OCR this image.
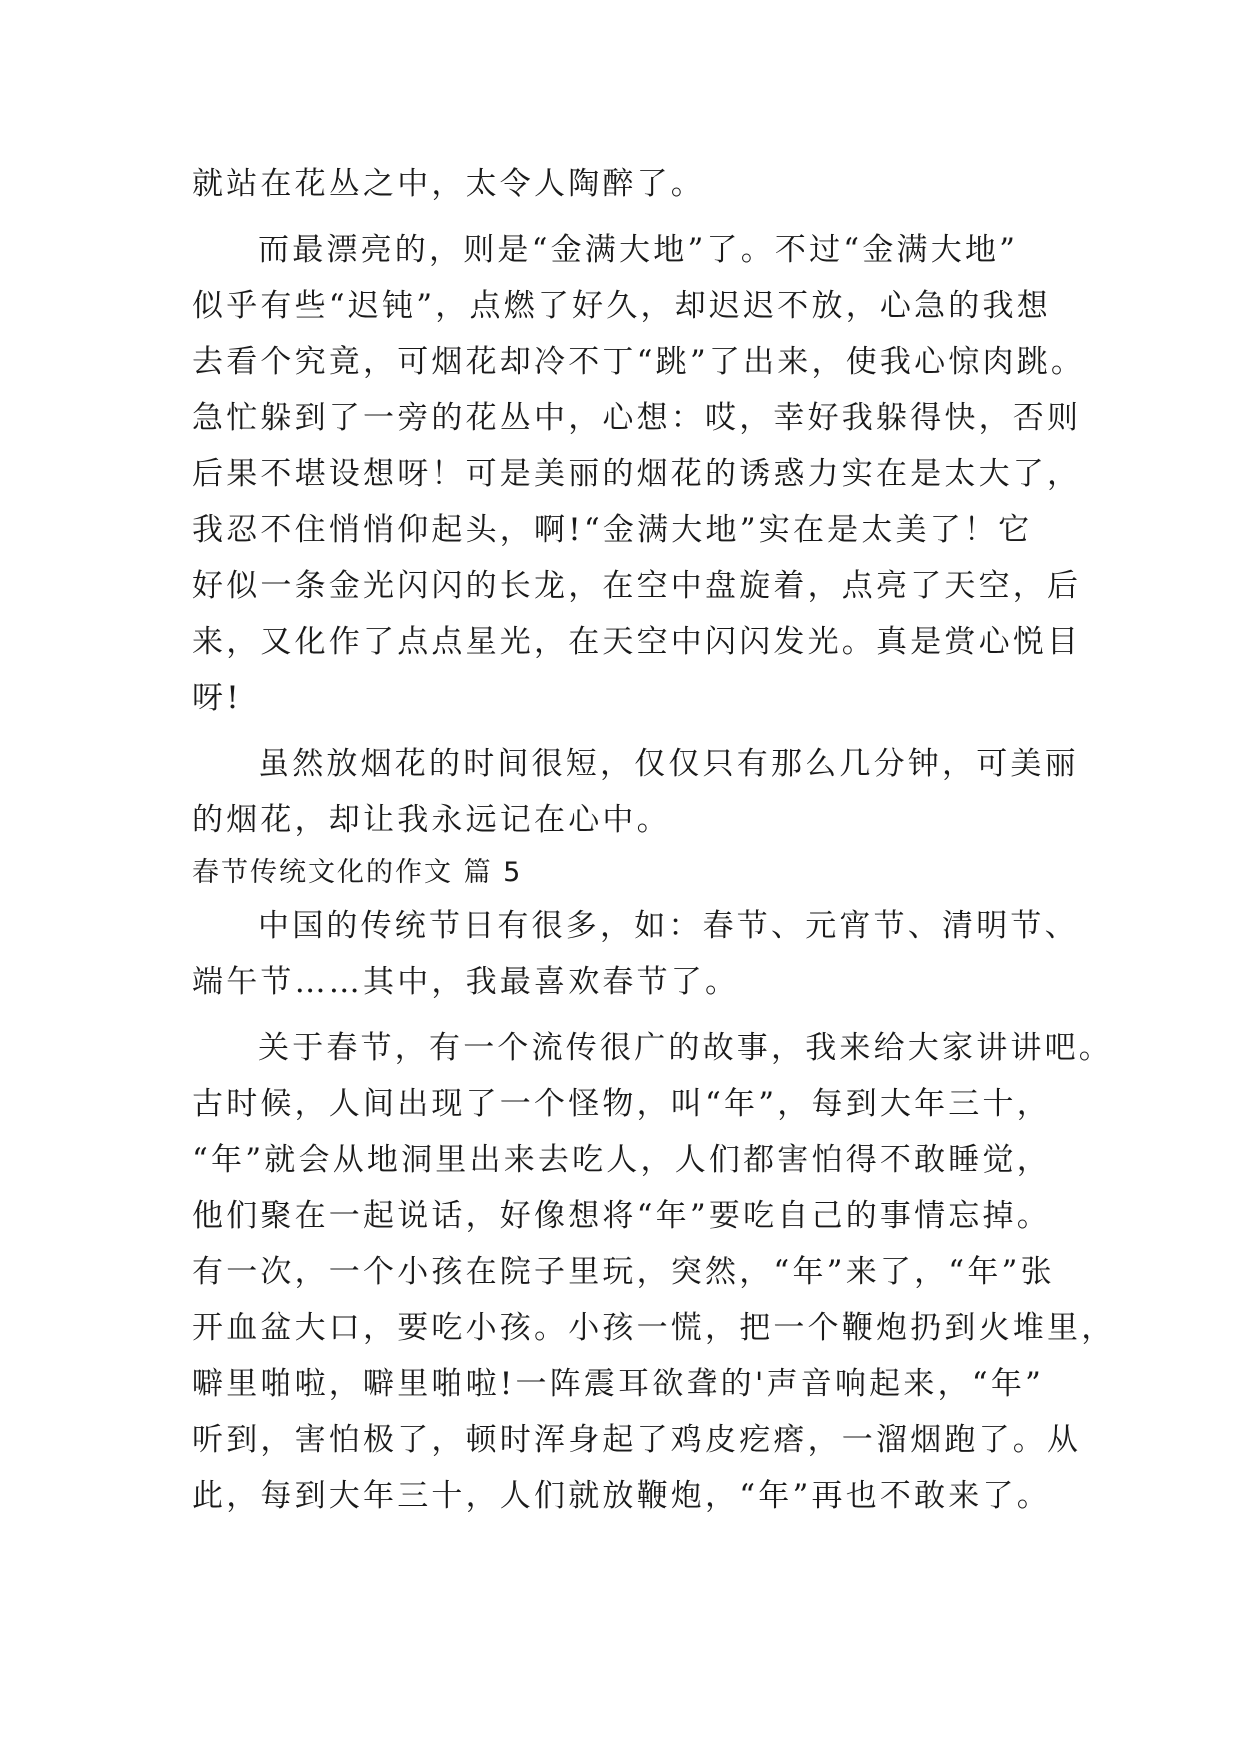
就站在花丛之中，太令人陶醉了。

而最漂亮的，则是“金满大地”了。不过“金满大地”

似乎有些“迟钝”，点燃了好久，却迟迟不放，心急的我想

去看个究竟，可烟花却冷不丁“跳”了出来，使我心惊肉跳。

急忙躲到了一旁的花丛中，心想：哎，幸好我躲得快，否则

后果不堪设想呀！可是美丽的烟花的诱惑力实在是太大了，

我忍不住悄悄仰起头，啊!“金满大地”实在是太美了！它

好似一条金光闪闪的长龙，在空中盘旋着，点亮了天空，后

来，又化作了点点星光，在天空中闪闪发光。真是赏心悦目

呀!

虽然放烟花的时间很短，仅仅只有那么几分钟，可美丽

的烟花，却让我永远记在心中。

春节传统文化的作文 篇 5

中国的传统节日有很多，如：春节、元宵节、清明节、

端午节……其中，我最喜欢春节了。

关于春节，有一个流传很广的故事，我来给大家讲讲吧。

古时候，人间出现了一个怪物，叫“年”，每到大年三十，

“年”就会从地洞里出来去吃人，人们都害怕得不敢睡觉，

他们聚在一起说话，好像想将“年”要吃自己的事情忘掉。

有一次，一个小孩在院子里玩，突然，“年”来了，“年”张

开血盆大口，要吃小孩。小孩一慌，把一个鞭炮扔到火堆里，

噼里啪啦，噼里啪啦!一阵震耳欲聋的'声音响起来，“年”

听到，害怕极了，顿时浑身起了鸡皮疙瘩，一溜烟跑了。从

此，每到大年三十，人们就放鞭炮，“年”再也不敢来了。
